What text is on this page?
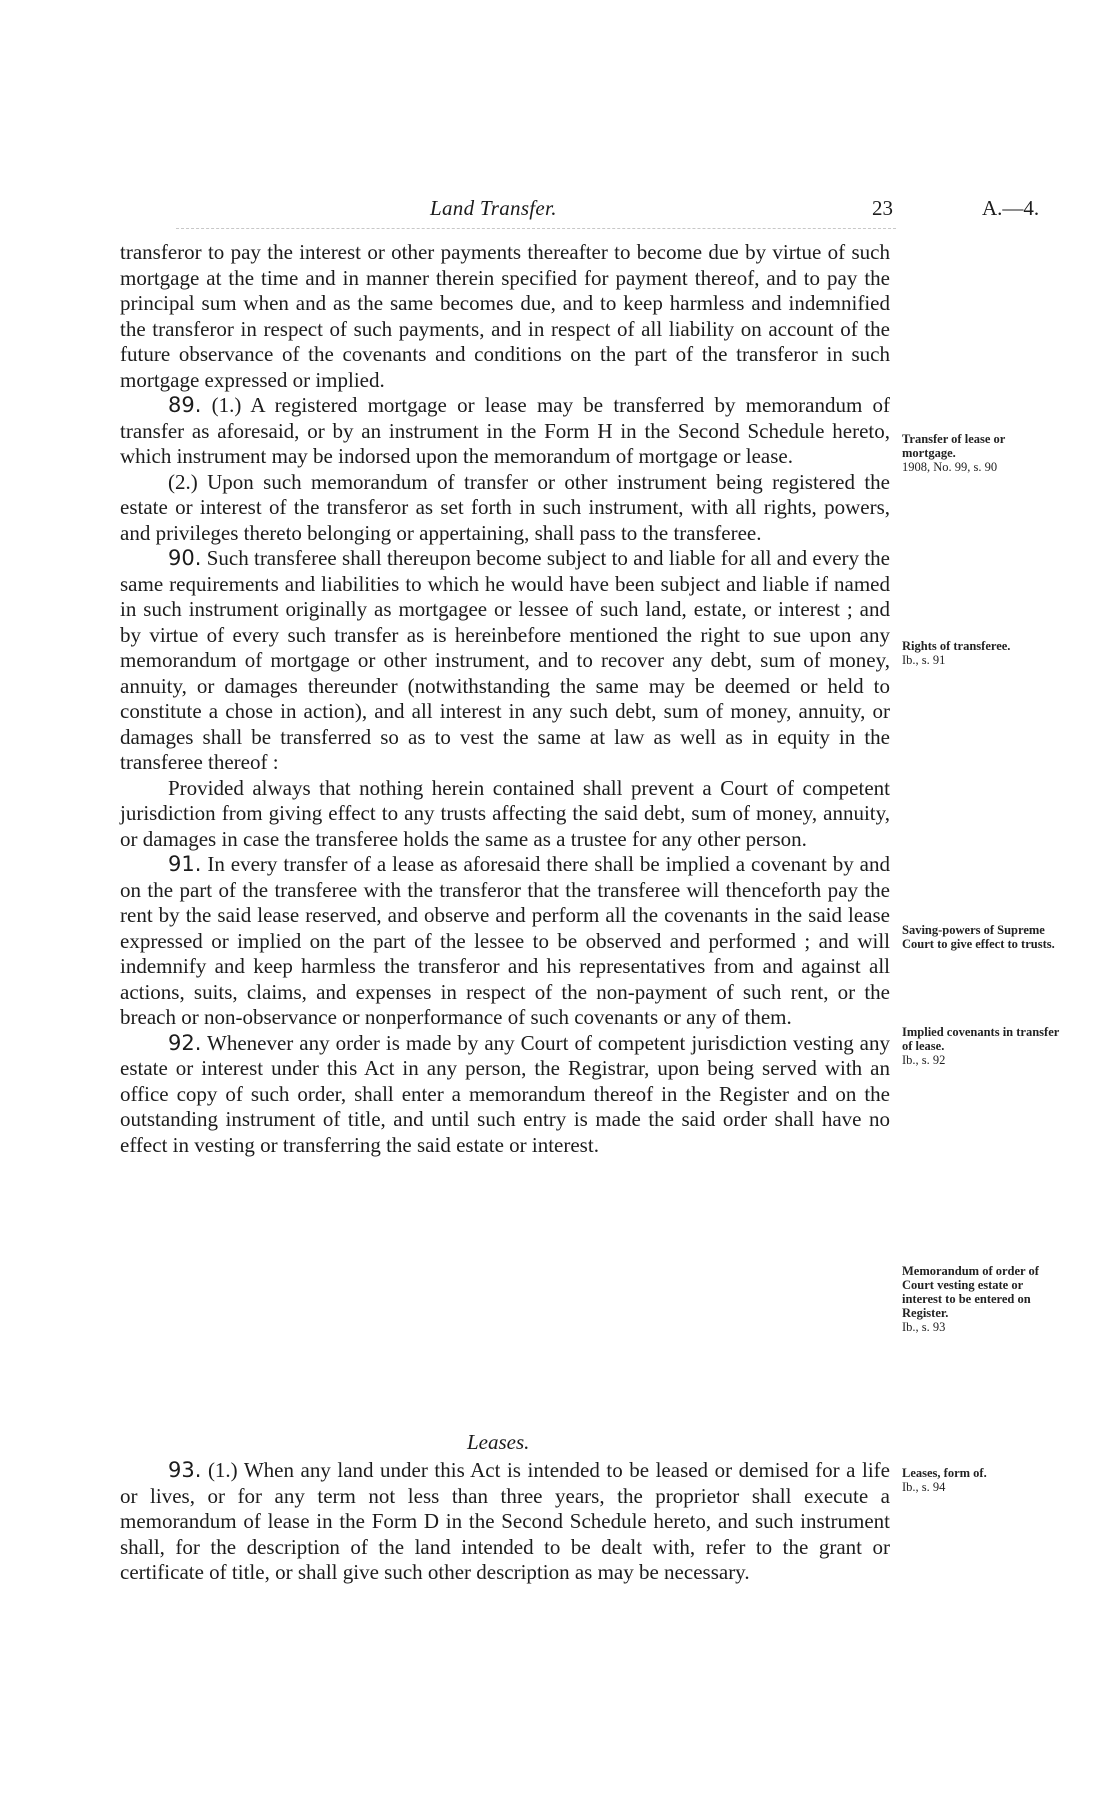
Land Transfer.	23	A.—4.

transferor to pay the interest or other payments thereafter to become due by virtue of such mortgage at the time and in manner therein specified for payment thereof, and to pay the principal sum when and as the same becomes due, and to keep harmless and indemnified the transferor in respect of such payments, and in respect of all liability on account of the future observance of the covenants and conditions on the part of the transferor in such mortgage expressed or implied.

89. (1.) A registered mortgage or lease may be transferred by memorandum of transfer as aforesaid, or by an instrument in the Form H in the Second Schedule hereto, which instrument may be indorsed upon the memorandum of mortgage or lease.

(2.) Upon such memorandum of transfer or other instrument being registered the estate or interest of the transferor as set forth in such instrument, with all rights, powers, and privileges thereto belonging or appertaining, shall pass to the transferee.

90. Such transferee shall thereupon become subject to and liable for all and every the same requirements and liabilities to which he would have been subject and liable if named in such instrument originally as mortgagee or lessee of such land, estate, or interest ; and by virtue of every such transfer as is hereinbefore mentioned the right to sue upon any memorandum of mortgage or other instrument, and to recover any debt, sum of money, annuity, or damages thereunder (notwithstanding the same may be deemed or held to constitute a chose in action), and all interest in any such debt, sum of money, annuity, or damages shall be transferred so as to vest the same at law as well as in equity in the transferee thereof :

Provided always that nothing herein contained shall prevent a Court of competent jurisdiction from giving effect to any trusts affecting the said debt, sum of money, annuity, or damages in case the transferee holds the same as a trustee for any other person.

91. In every transfer of a lease as aforesaid there shall be implied a covenant by and on the part of the transferee with the transferor that the transferee will thenceforth pay the rent by the said lease reserved, and observe and perform all the covenants in the said lease expressed or implied on the part of the lessee to be observed and performed ; and will indemnify and keep harmless the transferor and his representatives from and against all actions, suits, claims, and expenses in respect of the non-payment of such rent, or the breach or non-observance or nonperformance of such covenants or any of them.

92. Whenever any order is made by any Court of competent jurisdiction vesting any estate or interest under this Act in any person, the Registrar, upon being served with an office copy of such order, shall enter a memorandum thereof in the Register and on the outstanding instrument of title, and until such entry is made the said order shall have no effect in vesting or transferring the said estate or interest.

Leases.

93. (1.) When any land under this Act is intended to be leased or demised for a life or lives, or for any term not less than three years, the proprietor shall execute a memorandum of lease in the Form D in the Second Schedule hereto, and such instrument shall, for the description of the land intended to be dealt with, refer to the grant or certificate of title, or shall give such other description as may be necessary.

Transfer of lease or mortgage.
1908, No. 99, s. 90
Rights of transferee.
Ib., s. 91
Saving-powers of Supreme Court to give effect to trusts.
Implied covenants in transfer of lease.
Ib., s. 92
Memorandum of order of Court vesting estate or interest to be entered on Register.
Ib., s. 93
Leases, form of.
Ib., s. 94
